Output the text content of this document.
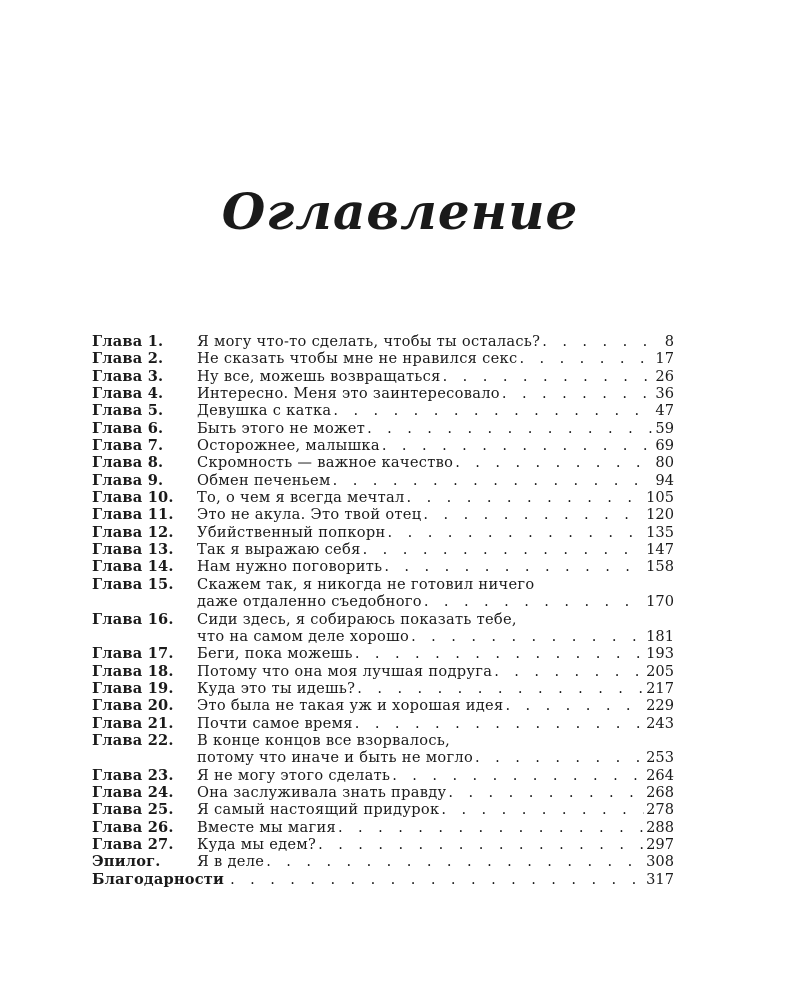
Оглавление
Глава 1.	Я могу что-то сделать, чтобы ты осталась? . . .	8
Глава 2.	Не сказать чтобы мне не нравился секс . . .	17
Глава 3.	Ну все, можешь возвращаться . . .	26
Глава 4.	Интересно. Меня это заинтересовало . . .	36
Глава 5.	Девушка с катка . . .	47
Глава 6.	Быть этого не может . . .	59
Глава 7.	Осторожнее, малышка . . .	69
Глава 8.	Скромность — важное качество . . .	80
Глава 9.	Обмен печеньем . . .	94
Глава 10.	То, о чем я всегда мечтал . . .	105
Глава 11.	Это не акула. Это твой отец . . .	120
Глава 12.	Убийственный попкорн . . .	135
Глава 13.	Так я выражаю себя . . .	147
Глава 14.	Нам нужно поговорить . . .	158
Глава 15.	Скажем так, я никогда не готовил ничего
даже отдаленно съедобного . . .	170
Глава 16.	Сиди здесь, я собираюсь показать тебе,
что на самом деле хорошо . . .	181
Глава 17.	Беги, пока можешь . . .	193
Глава 18.	Потому что она моя лучшая подруга . . .	205
Глава 19.	Куда это ты идешь? . . .	217
Глава 20.	Это была не такая уж и хорошая идея . . .	229
Глава 21.	Почти самое время . . .	243
Глава 22.	В конце концов все взорвалось,
потому что иначе и быть не могло . . .	253
Глава 23.	Я не могу этого сделать . . .	264
Глава 24.	Она заслуживала знать правду . . .	268
Глава 25.	Я самый настоящий придурок . . .	278
Глава 26.	Вместе мы магия . . .	288
Глава 27.	Куда мы едем? . . .	297
Эпилог.	Я в деле . . .	308
Благодарности . . .	317
